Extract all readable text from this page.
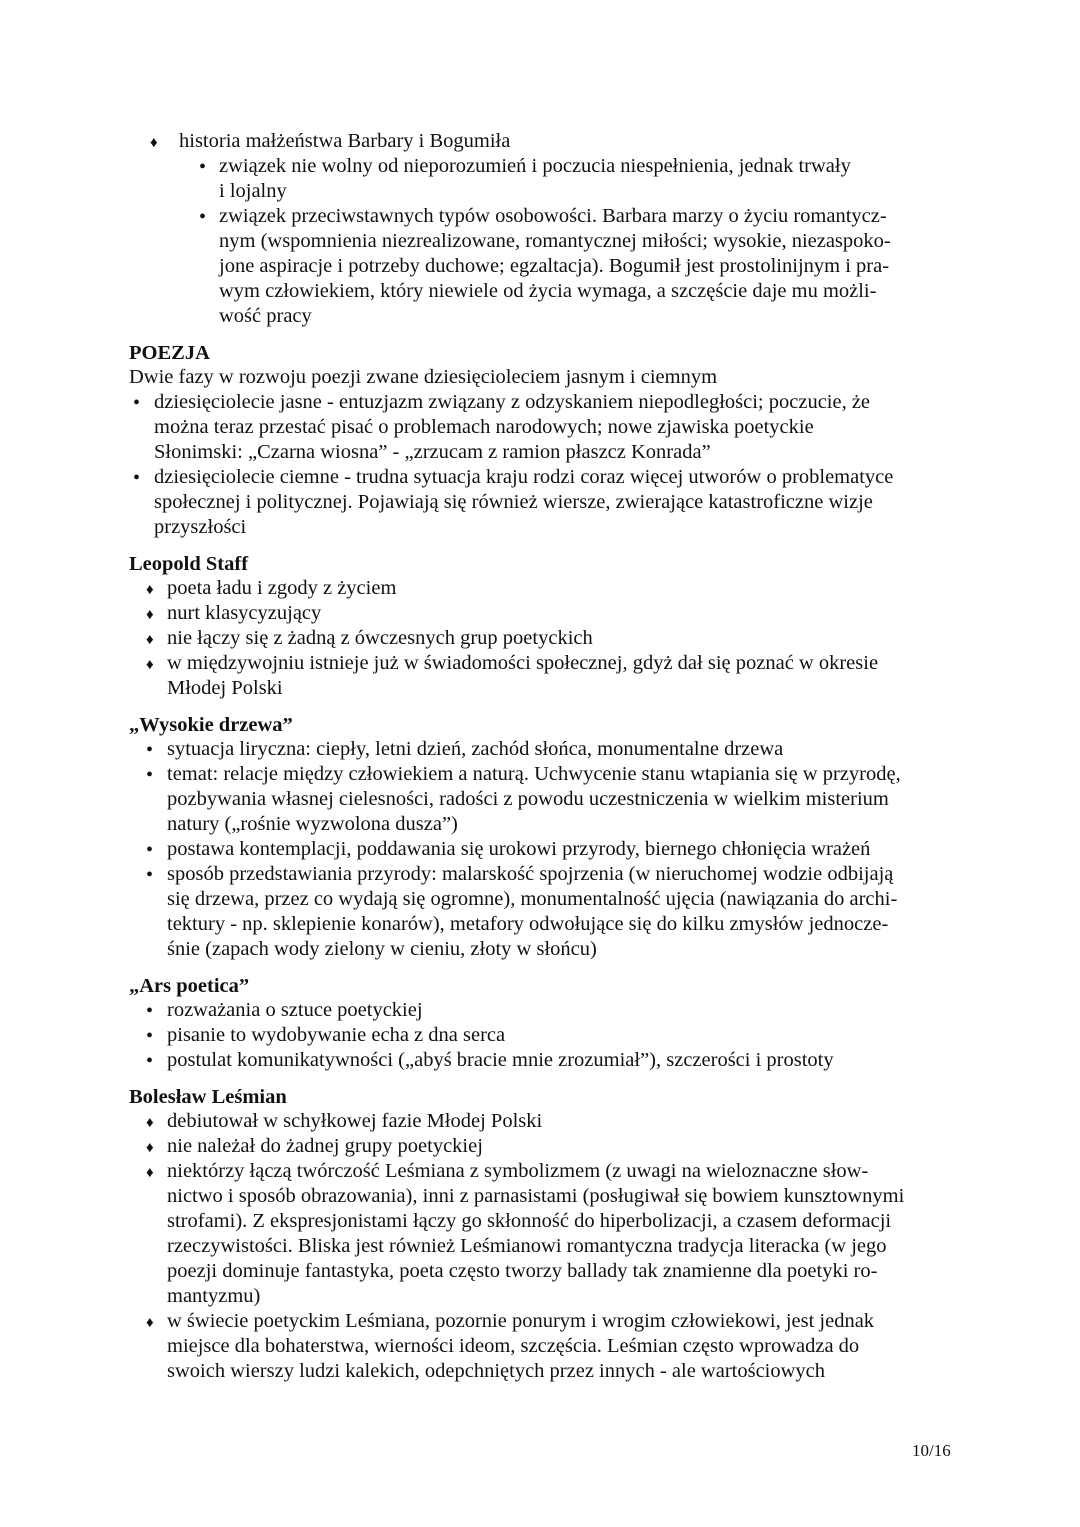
♦ historia małżeństwa Barbary i Bogumiła
• związek nie wolny od nieporozumień i poczucia niespełnienia, jednak trwały
i lojalny
• związek przeciwstawnych typów osobowości. Barbara marzy o życiu romantycz-
nym (wspomnienia niezrealizowane, romantycznej miłości; wysokie, niezaspoko-
jone aspiracje i potrzeby duchowe; egzaltacja). Bogumił jest prostolinijnym i pra-
wym człowiekiem, który niewiele od życia wymaga, a szczęście daje mu możli-
wość pracy
POEZJA
Dwie fazy w rozwoju poezji zwane dziesięcioleciem jasnym i ciemnym
• dziesięciolecie jasne - entuzjazm związany z odzyskaniem niepodległości; poczucie, że
można teraz przestać pisać o problemach narodowych; nowe zjawiska poetyckie
Słonimski: „Czarna wiosna” - „zrzucam z ramion płaszcz Konrada”
• dziesięciolecie ciemne - trudna sytuacja kraju rodzi coraz więcej utworów o problematyce
społecznej i politycznej. Pojawiają się również wiersze, zwierające katastroficzne wizje
przyszłości
Leopold Staff
♦ poeta ładu i zgody z życiem
♦ nurt klasycyzujący
♦ nie łączy się z żadną z ówczesnych grup poetyckich
♦ w międzywojniu istnieje już w świadomości społecznej, gdyż dał się poznać w okresie
Młodej Polski
„Wysokie drzewa”
• sytuacja liryczna: ciepły, letni dzień, zachód słońca, monumentalne drzewa
• temat: relacje między człowiekiem a naturą. Uchwycenie stanu wtapiania się w przyrodę,
pozbywania własnej cielesności, radości z powodu uczestniczenia w wielkim misterium
natury („rośnie wyzwolona dusza”)
• postawa kontemplacji, poddawania się urokowi przyrody, biernego chłonięcia wrażeń
• sposób przedstawiania przyrody: malarskość spojrzenia (w nieruchomej wodzie odbijają
się drzewa, przez co wydają się ogromne), monumentalność ujęcia (nawiązania do archi-
tektury - np. sklepienie konarów), metafory odwołujące się do kilku zmysłów jednocze-
śnie (zapach wody zielony w cieniu, złoty w słońcu)
„Ars poetica”
• rozważania o sztuce poetyckiej
• pisanie to wydobywanie echa z dna serca
• postulat komunikatywności („abyś bracie mnie zrozumiał”), szczerości i prostoty
Bolesław Leśmian
♦ debiutował w schyłkowej fazie Młodej Polski
♦ nie należał do żadnej grupy poetyckiej
♦ niektórzy łączą twórczość Leśmiana z symbolizmem (z uwagi na wieloznaczne słow-
nictwo i sposób obrazowania), inni z parnasistami (posługiwał się bowiem kunsztownymi
strofami). Z ekspresjonistami łączy go skłonność do hiperbolizacji, a czasem deformacji
rzeczywistości. Bliska jest również Leśmianowi romantyczna tradycja literacka (w jego
poezji dominuje fantastyka, poeta często tworzy ballady tak znamienne dla poetyki ro-
mantyzmu)
♦ w świecie poetyckim Leśmiana, pozornie ponurym i wrogim człowiekowi, jest jednak
miejsce dla bohaterstwa, wierności ideom, szczęścia. Leśmian często wprowadza do
swoich wierszy ludzi kalekich, odepchniętych przez innych - ale wartościowych
10/16
